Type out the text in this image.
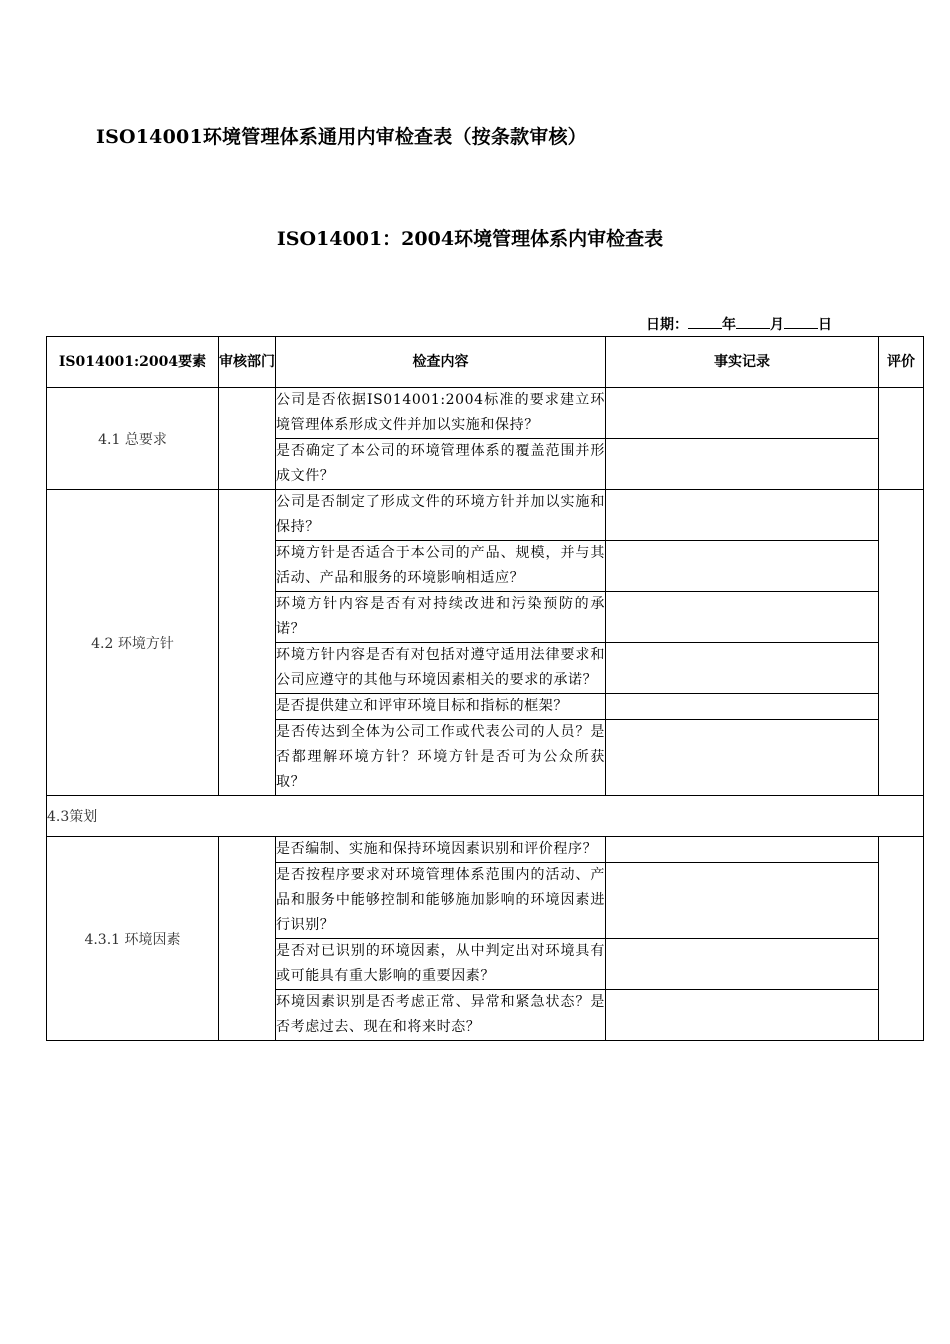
ISO14001环境管理体系通用内审检查表（按条款审核）
ISO14001：2004环境管理体系内审检查表
日期： 年 月 日
IS014001:2004要素	审核部门	检查内容	事实记录	评价
4.1 总要求		公司是否依据IS014001:2004标准的要求建立环境管理体系形成文件并加以实施和保持？		
		是否确定了本公司的环境管理体系的覆盖范围并形成文件？		
4.2 环境方针		公司是否制定了形成文件的环境方针并加以实施和保持？		
		环境方针是否适合于本公司的产品、规模，并与其活动、产品和服务的环境影响相适应？		
		环境方针内容是否有对持续改进和污染预防的承诺？		
		环境方针内容是否有对包括对遵守适用法律要求和公司应遵守的其他与环境因素相关的要求的承诺？		
		是否提供建立和评审环境目标和指标的框架？		
		是否传达到全体为公司工作或代表公司的人员？是否都理解环境方针？环境方针是否可为公众所获取？		
4.3策划				
4.3.1 环境因素		是否编制、实施和保持环境因素识别和评价程序？		
		是否按程序要求对环境管理体系范围内的活动、产品和服务中能够控制和能够施加影响的环境因素进行识别？		
		是否对已识别的环境因素，从中判定出对环境具有或可能具有重大影响的重要因素？		
		环境因素识别是否考虑正常、异常和紧急状态？是否考虑过去、现在和将来时态？		
